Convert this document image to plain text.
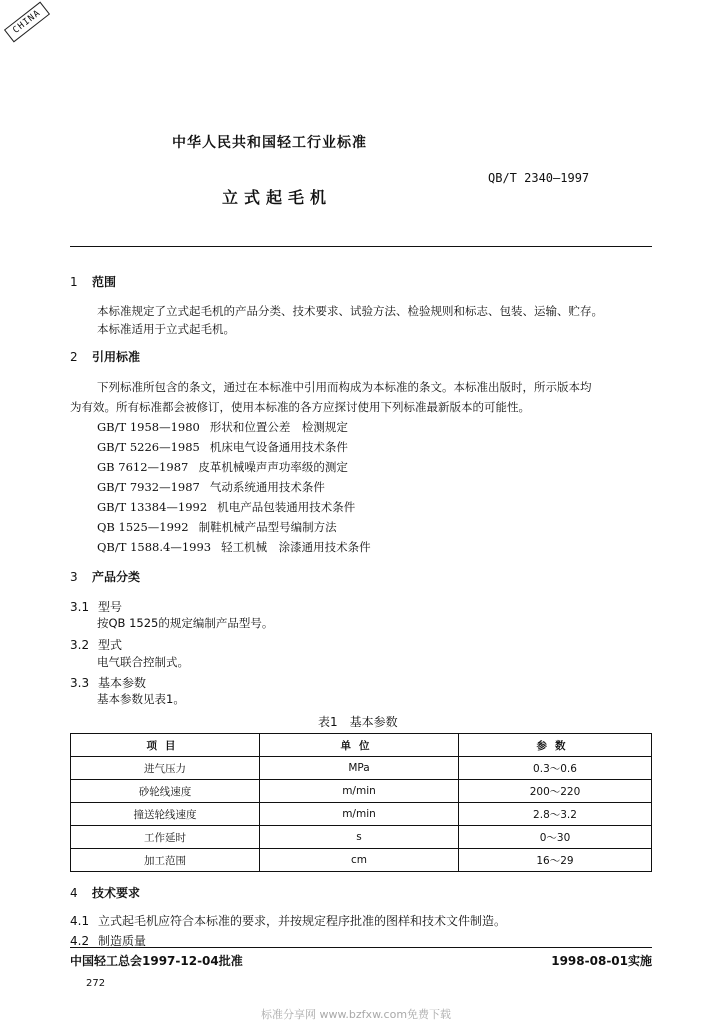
CHINA
中华人民共和国轻工行业标准
QB/T 2340—1997
立式起毛机
1 范围
本标准规定了立式起毛机的产品分类、技术要求、试验方法、检验规则和标志、包装、运输、贮存。
本标准适用于立式起毛机。
2 引用标准
下列标准所包含的条文，通过在本标准中引用而构成为本标准的条文。本标准出版时，所示版本均
为有效。所有标准都会被修订，使用本标准的各方应探讨使用下列标准最新版本的可能性。
GB/T 1958—1980 形状和位置公差　检测规定
GB/T 5226—1985 机床电气设备通用技术条件
GB 7612—1987 皮革机械噪声声功率级的测定
GB/T 7932—1987 气动系统通用技术条件
GB/T 13384—1992 机电产品包装通用技术条件
QB 1525—1992 制鞋机械产品型号编制方法
QB/T 1588.4—1993 轻工机械　涂漆通用技术条件
3 产品分类
3.1 型号
按QB 1525的规定编制产品型号。
3.2 型式
电气联合控制式。
3.3 基本参数
基本参数见表1。
表1　基本参数
项目	单位	参数
进气压力	MPa	0.3～0.6
砂轮线速度	m/min	200～220
撞送轮线速度	m/min	2.8～3.2
工作延时	s	0～30
加工范围	cm	16～29
4 技术要求
4.1 立式起毛机应符合本标准的要求，并按规定程序批准的图样和技术文件制造。
4.2 制造质量
中国轻工总会1997-12-04批准	1998-08-01实施
272
标准分享网 www.bzfxw.com免费下载
